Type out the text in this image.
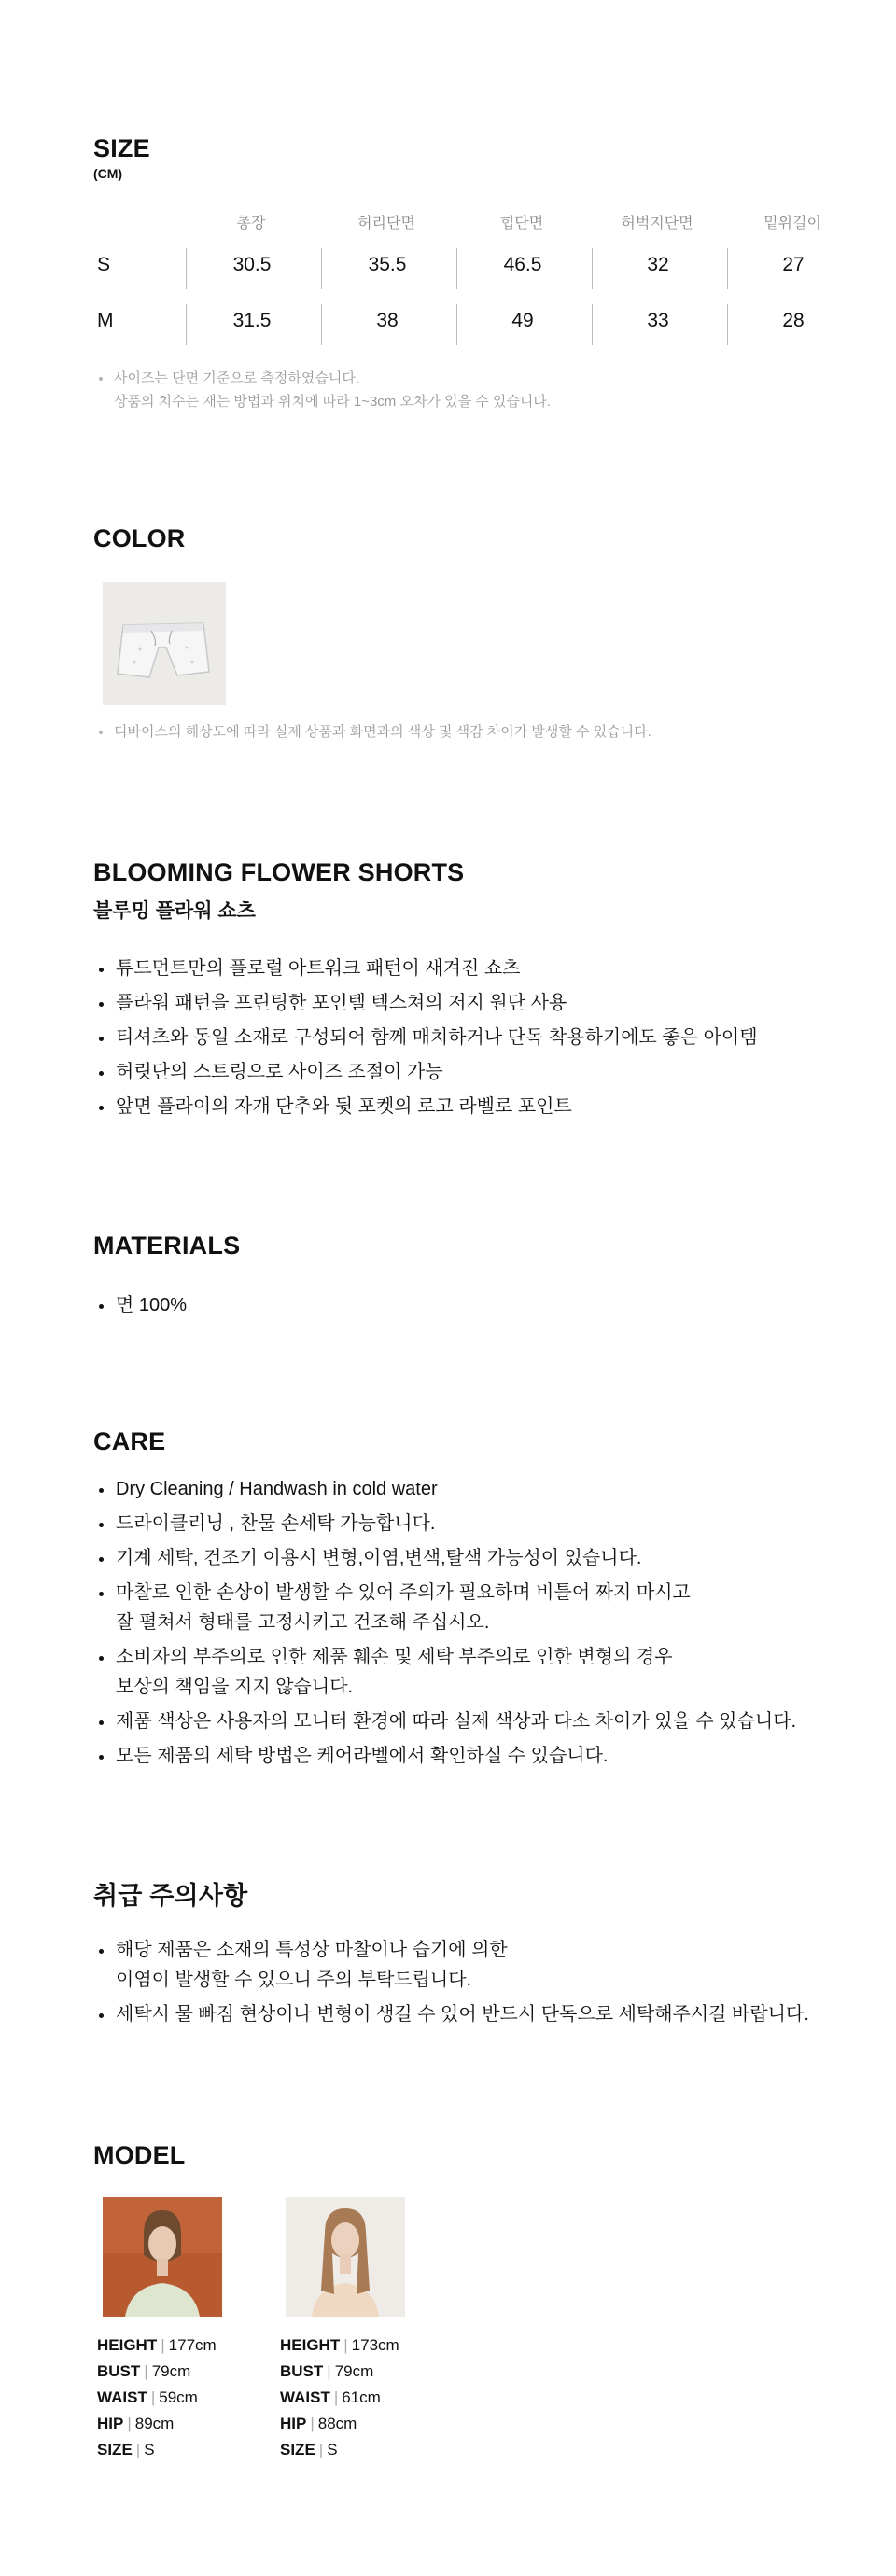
SIZE
(CM)
총장	허리단면	힙단면	허벅지단면	밑위길이
S	30.5	35.5	46.5	32	27
M	31.5	38	49	33	28
사이즈는 단면 기준으로 측정하였습니다.
상품의 치수는 재는 방법과 위치에 따라 1~3cm 오차가 있을 수 있습니다.
COLOR
디바이스의 해상도에 따라 실제 상품과 화면과의 색상 및 색감 차이가 발생할 수 있습니다.
BLOOMING FLOWER SHORTS
블루밍 플라워 쇼츠
튜드먼트만의 플로럴 아트워크 패턴이 새겨진 쇼츠
플라워 패턴을 프린팅한 포인텔 텍스쳐의 저지 원단 사용
티셔츠와 동일 소재로 구성되어 함께 매치하거나 단독 착용하기에도 좋은 아이템
허릿단의 스트링으로 사이즈 조절이 가능
앞면 플라이의 자개 단추와 뒷 포켓의 로고 라벨로 포인트
MATERIALS
면 100%
CARE
Dry Cleaning / Handwash in cold water
드라이클리닝 , 찬물 손세탁 가능합니다.
기계 세탁, 건조기 이용시 변형,이염,변색,탈색 가능성이 있습니다.
마찰로 인한 손상이 발생할 수 있어 주의가 필요하며 비틀어 짜지 마시고
잘 펼쳐서 형태를 고정시키고 건조해 주십시오.
소비자의 부주의로 인한 제품 훼손 및 세탁 부주의로 인한 변형의 경우
보상의 책임을 지지 않습니다.
제품 색상은 사용자의 모니터 환경에 따라 실제 색상과 다소 차이가 있을 수 있습니다.
모든 제품의 세탁 방법은 케어라벨에서 확인하실 수 있습니다.
취급 주의사항
해당 제품은 소재의 특성상 마찰이나 습기에 의한
이염이 발생할 수 있으니 주의 부탁드립니다.
세탁시 물 빠짐 현상이나 변형이 생길 수 있어 반드시 단독으로 세탁해주시길 바랍니다.
MODEL
HEIGHT | 177cm
BUST | 79cm
WAIST | 59cm
HIP | 89cm
SIZE | S
HEIGHT | 173cm
BUST | 79cm
WAIST | 61cm
HIP | 88cm
SIZE | S
